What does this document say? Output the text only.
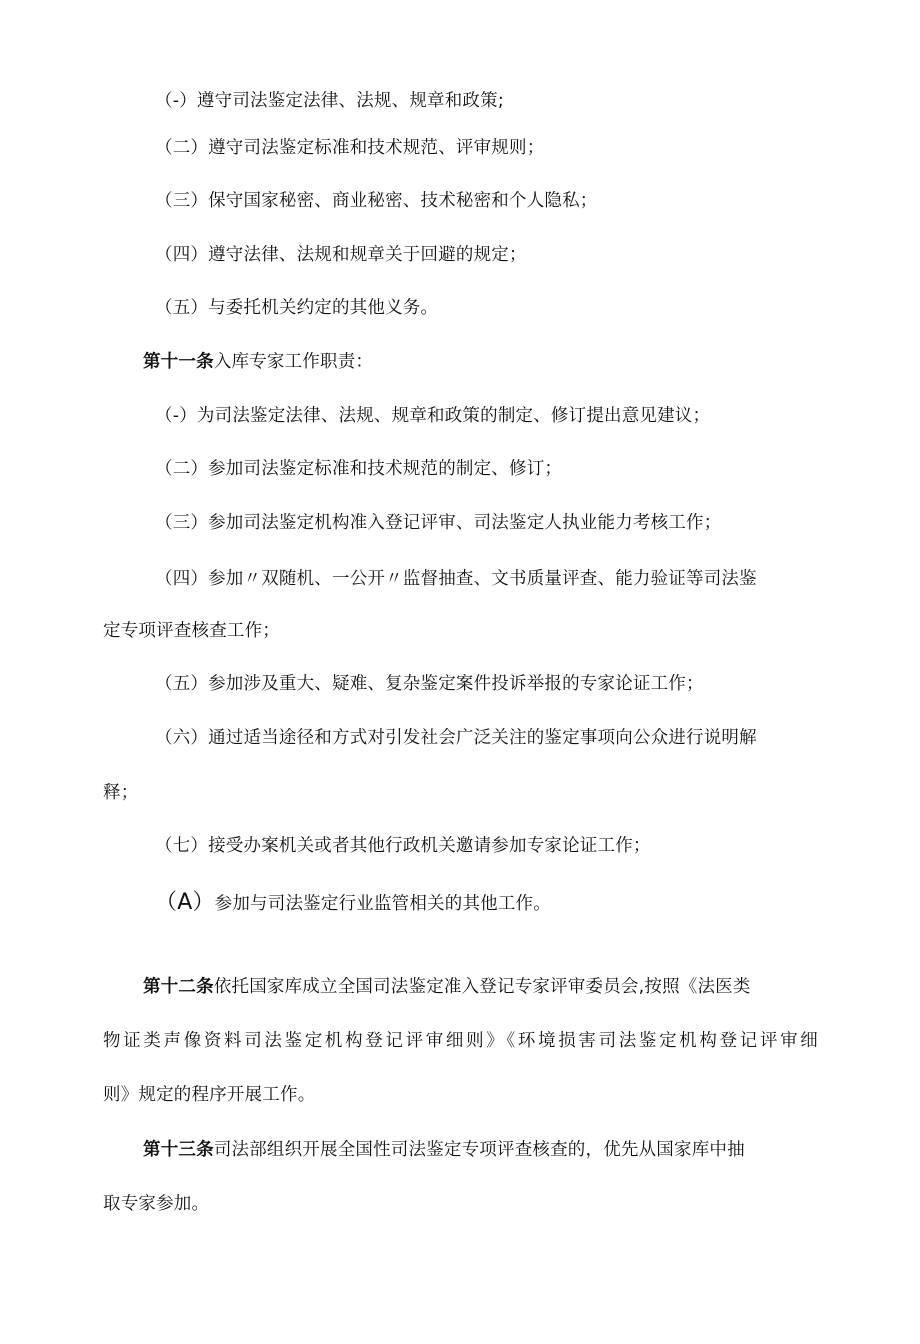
（-）遵守司法鉴定法律、法规、规章和政策;
（二）遵守司法鉴定标准和技术规范、评审规则；
（三）保守国家秘密、商业秘密、技术秘密和个人隐私；
（四）遵守法律、法规和规章关于回避的规定；
（五）与委托机关约定的其他义务。
第十一条入库专家工作职责：
（-）为司法鉴定法律、法规、规章和政策的制定、修订提出意见建议；
（二）参加司法鉴定标准和技术规范的制定、修订；
（三）参加司法鉴定机构准入登记评审、司法鉴定人执业能力考核工作；
（四）参加〃双随机、一公开〃监督抽查、文书质量评查、能力验证等司法鉴
定专项评查核查工作；
（五）参加涉及重大、疑难、复杂鉴定案件投诉举报的专家论证工作；
（六）通过适当途径和方式对引发社会广泛关注的鉴定事项向公众进行说明解
释；
（七）接受办案机关或者其他行政机关邀请参加专家论证工作；
（A）参加与司法鉴定行业监管相关的其他工作。
第十二条依托国家库成立全国司法鉴定准入登记专家评审委员会,按照《法医类
物证类声像资料司法鉴定机构登记评审细则》《环境损害司法鉴定机构登记评审细
则》规定的程序开展工作。
第十三条司法部组织开展全国性司法鉴定专项评查核查的，优先从国家库中抽
取专家参加。
